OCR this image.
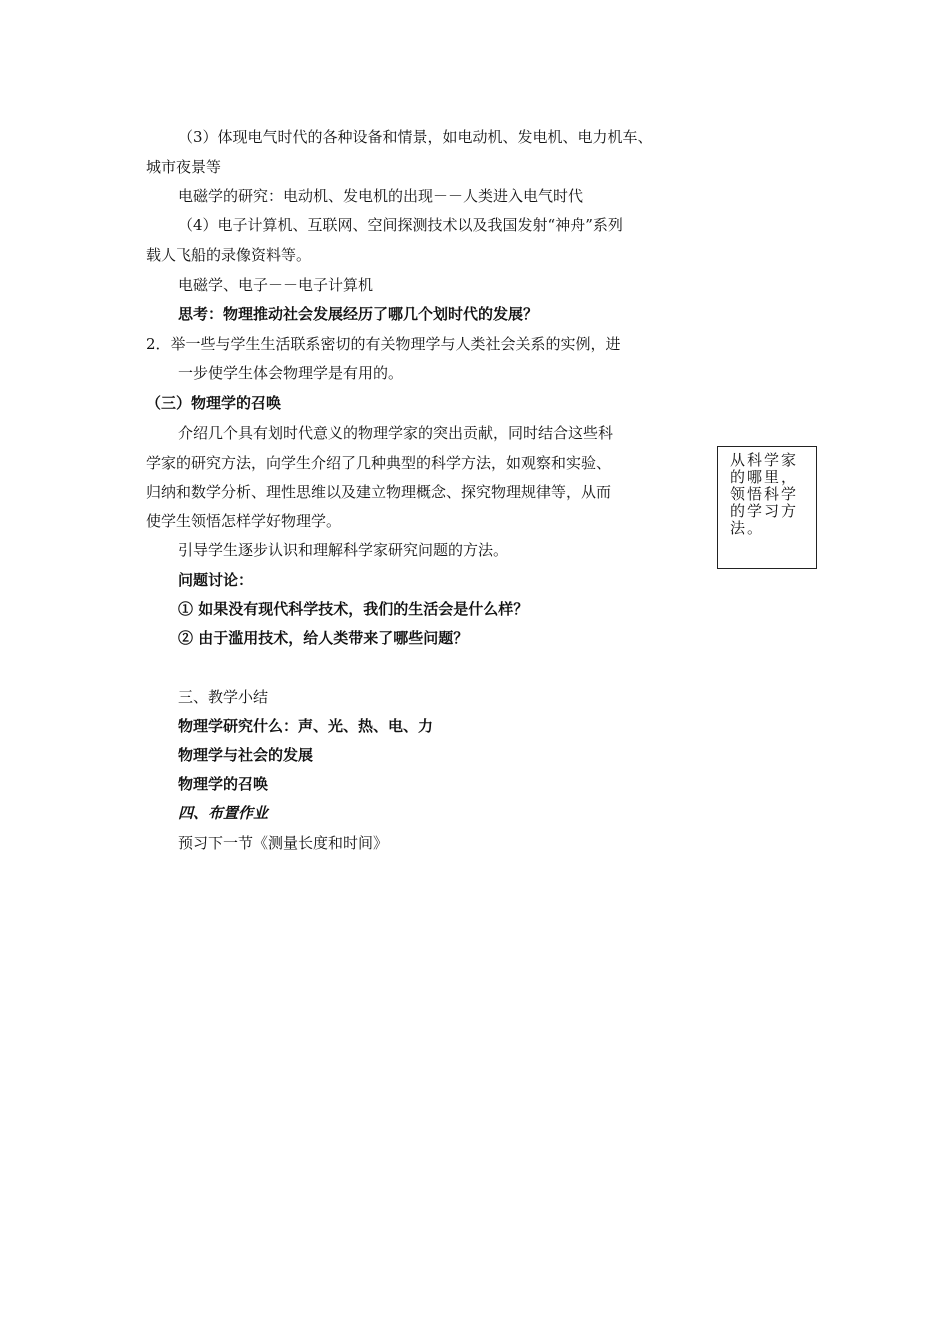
（3）体现电气时代的各种设备和情景，如电动机、发电机、电力机车、
城市夜景等
电磁学的研究：电动机、发电机的出现－－人类进入电气时代
（4）电子计算机、互联网、空间探测技术以及我国发射“神舟”系列
载人飞船的录像资料等。
电磁学、电子－－电子计算机
思考：物理推动社会发展经历了哪几个划时代的发展？
2．举一些与学生生活联系密切的有关物理学与人类社会关系的实例，进
一步使学生体会物理学是有用的。
（三）物理学的召唤
介绍几个具有划时代意义的物理学家的突出贡献，同时结合这些科
学家的研究方法，向学生介绍了几种典型的科学方法，如观察和实验、
归纳和数学分析、理性思维以及建立物理概念、探究物理规律等，从而
使学生领悟怎样学好物理学。
引导学生逐步认识和理解科学家研究问题的方法。
问题讨论：
① 如果没有现代科学技术，我们的生活会是什么样？
② 由于滥用技术，给人类带来了哪些问题？
三、教学小结
物理学研究什么：声、光、热、电、力
物理学与社会的发展
物理学的召唤
四、布置作业
预习下一节《测量长度和时间》
从科学家
的哪里，
领悟科学
的学习方
法。
